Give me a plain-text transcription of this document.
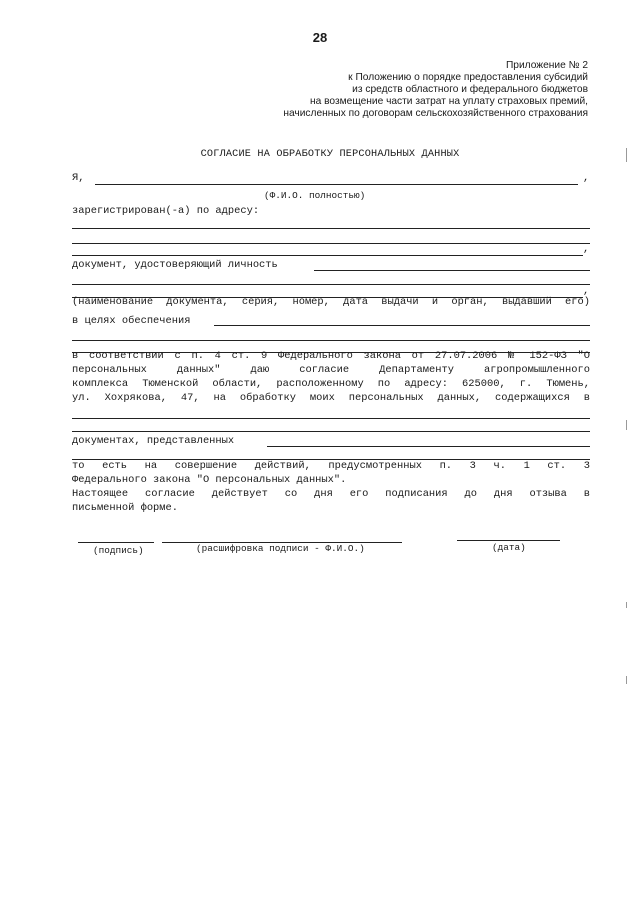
28
Приложение № 2
к Положению о порядке предоставления субсидий
из средств областного и федерального бюджетов
на возмещение части затрат на уплату страховых премий,
начисленных по договорам сельскохозяйственного страхования
СОГЛАСИЕ НА ОБРАБОТКУ ПЕРСОНАЛЬНЫХ ДАННЫХ
Я,	,
(Ф.И.О. полностью)
зарегистрирован(-а) по адресу:
,
документ, удостоверяющий личность
,
(наименование документа, серия, номер, дата выдачи и орган, выдавший его)
в целях обеспечения
в соответствии с п. 4 ст. 9 Федерального закона от 27.07.2006 № 152-ФЗ "О
персональных данных" даю согласие Департаменту агропромышленного
комплекса Тюменской области, расположенному по адресу: 625000, г. Тюмень,
ул. Хохрякова, 47, на обработку моих персональных данных, содержащихся в
документах, представленных
то есть на совершение действий, предусмотренных п. 3 ч. 1 ст. 3
Федерального закона "О персональных данных".
Настоящее согласие действует со дня его подписания до дня отзыва в
письменной форме.
(подпись)	(расшифровка подписи - Ф.И.О.)	(дата)
